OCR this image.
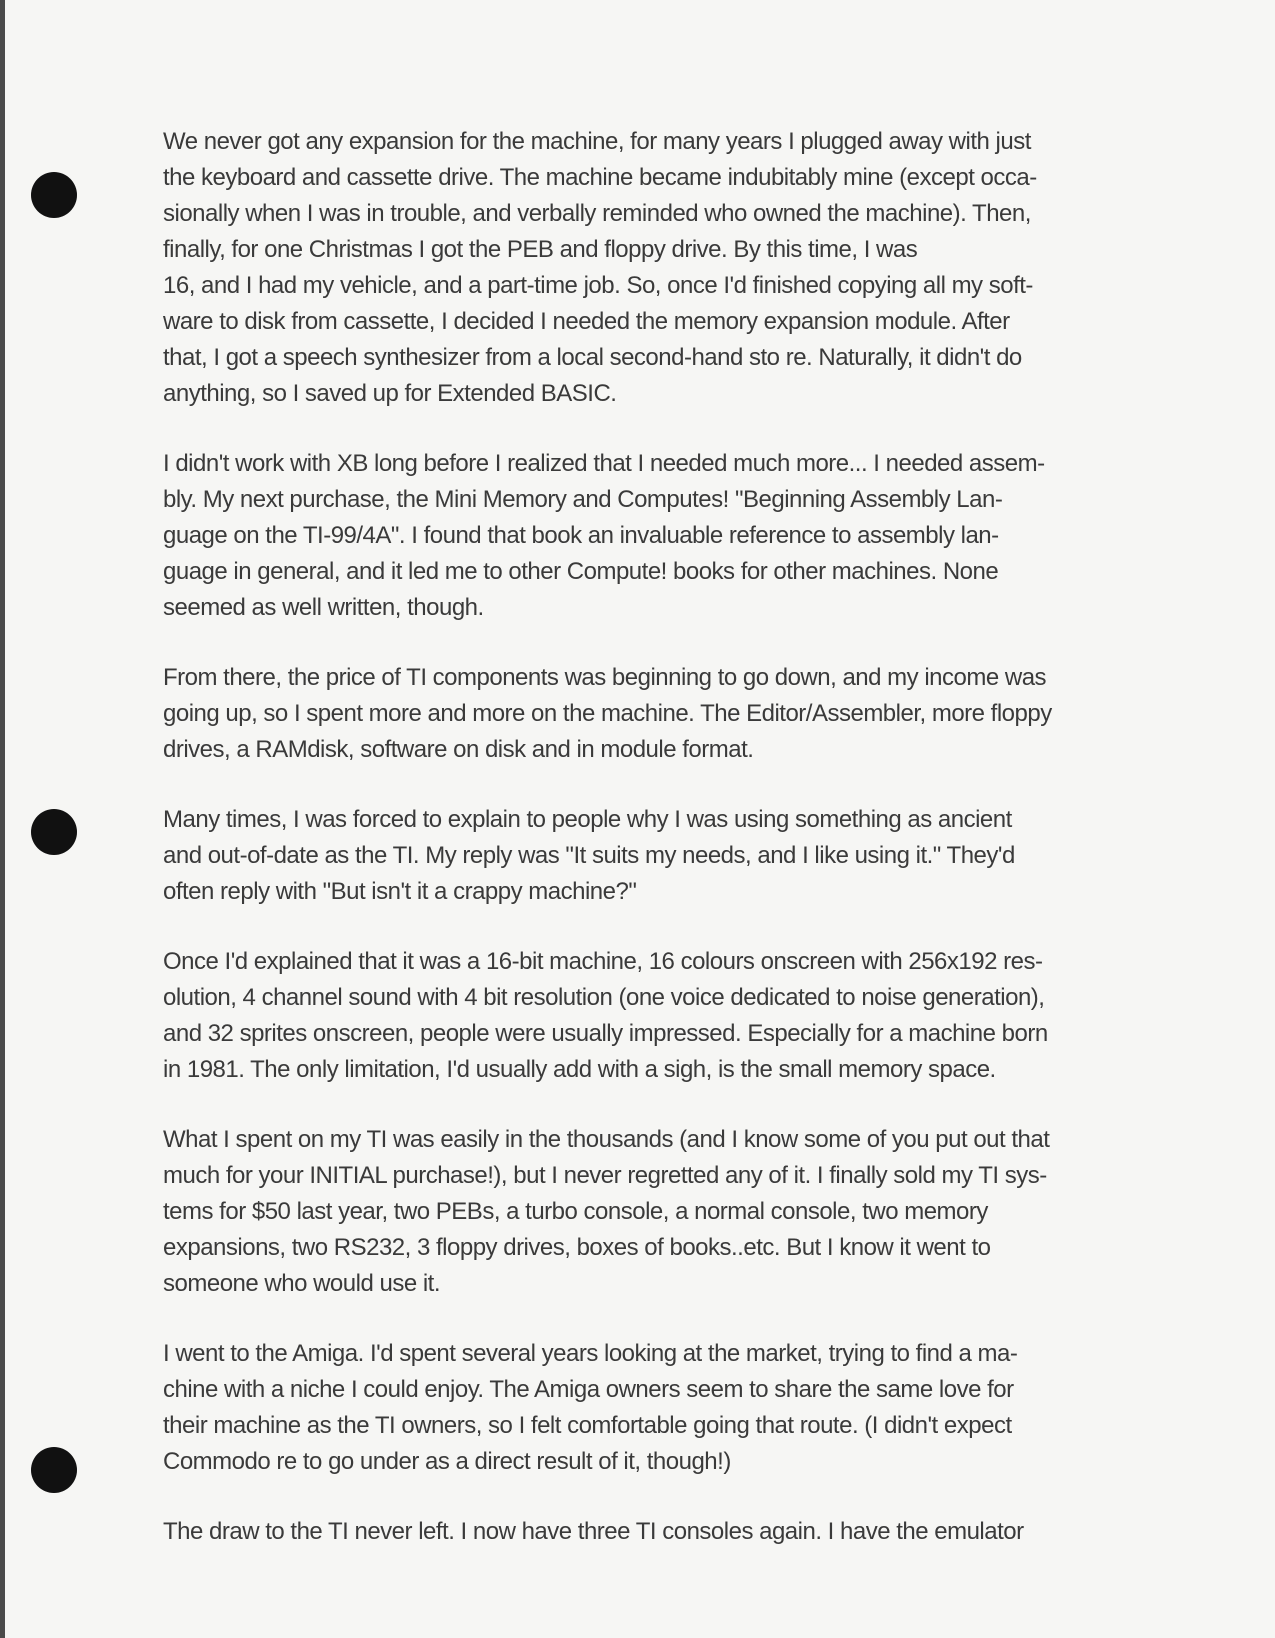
We never got any expansion for the machine, for many years I plugged away with just
the keyboard and cassette drive. The machine became indubitably mine (except occa-
sionally when I was in trouble, and verbally reminded who owned the machine). Then,
finally, for one Christmas I got the PEB and floppy drive. By this time, I was
16, and I had my vehicle, and a part-time job. So, once I'd finished copying all my soft-
ware to disk from cassette, I decided I needed the memory expansion module. After
that, I got a speech synthesizer from a local second-hand sto re. Naturally, it didn't do
anything, so I saved up for Extended BASIC.
I didn't work with XB long before I realized that I needed much more... I needed assem-
bly. My next purchase, the Mini Memory and Computes! "Beginning Assembly Lan-
guage on the TI-99/4A". I found that book an invaluable reference to assembly lan-
guage in general, and it led me to other Compute! books for other machines. None
seemed as well written, though.
From there, the price of TI components was beginning to go down, and my income was
going up, so I spent more and more on the machine. The Editor/Assembler, more floppy
drives, a RAMdisk, software on disk and in module format.
Many times, I was forced to explain to people why I was using something as ancient
and out-of-date as the TI. My reply was "It suits my needs, and I like using it." They'd
often reply with "But isn't it a crappy machine?"
Once I'd explained that it was a 16-bit machine, 16 colours onscreen with 256x192 res-
olution, 4 channel sound with 4 bit resolution (one voice dedicated to noise generation),
and 32 sprites onscreen, people were usually impressed. Especially for a machine born
in 1981. The only limitation, I'd usually add with a sigh, is the small memory space.
What I spent on my TI was easily in the thousands (and I know some of you put out that
much for your INITIAL purchase!), but I never regretted any of it. I finally sold my TI sys-
tems for $50 last year, two PEBs, a turbo console, a normal console, two memory
expansions, two RS232, 3 floppy drives, boxes of books..etc. But I know it went to
someone who would use it.
I went to the Amiga. I'd spent several years looking at the market, trying to find a ma-
chine with a niche I could enjoy. The Amiga owners seem to share the same love for
their machine as the TI owners, so I felt comfortable going that route. (I didn't expect
Commodo re to go under as a direct result of it, though!)
The draw to the TI never left. I now have three TI consoles again. I have the emulator
